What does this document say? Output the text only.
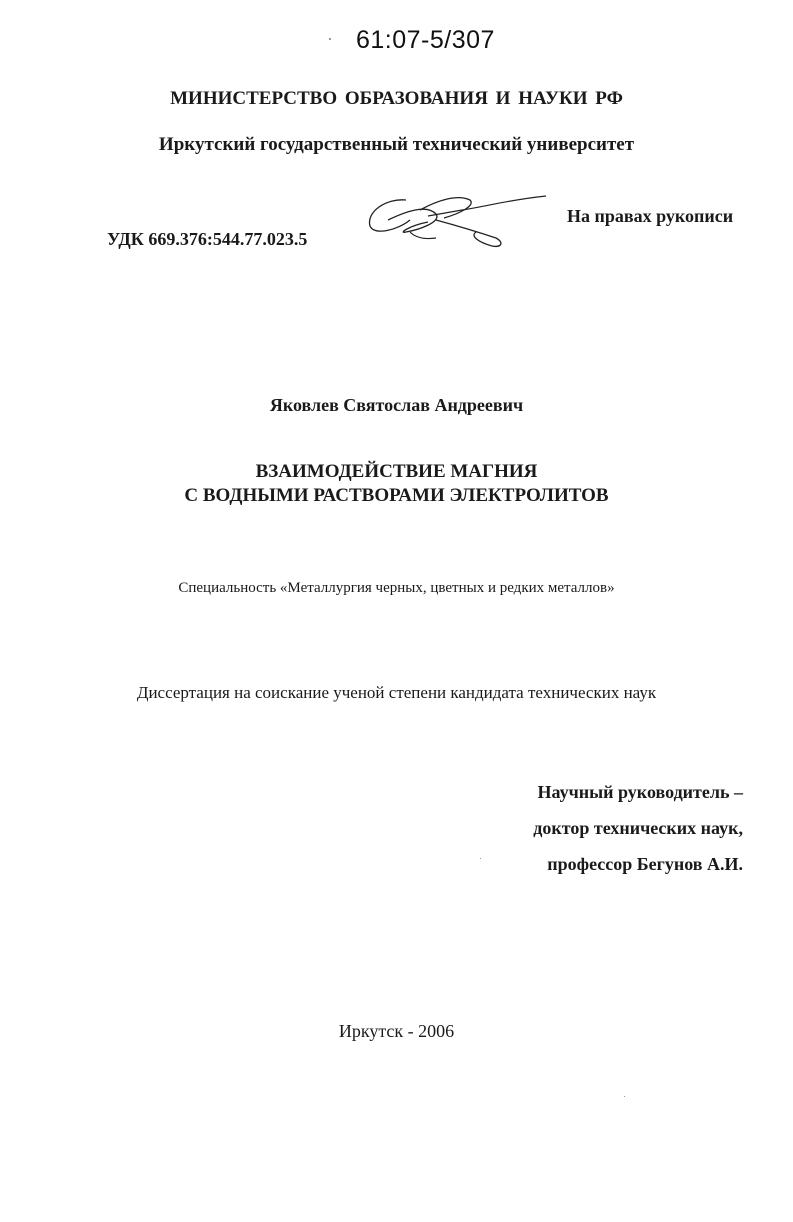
61:07-5/307
МИНИСТЕРСТВО ОБРАЗОВАНИЯ И НАУКИ РФ
Иркутский государственный технический университет
УДК 669.376:544.77.023.5
На правах рукописи
Яковлев Святослав Андреевич
ВЗАИМОДЕЙСТВИЕ МАГНИЯ
С ВОДНЫМИ РАСТВОРАМИ ЭЛЕКТРОЛИТОВ
Специальность «Металлургия черных, цветных и редких металлов»
Диссертация на соискание ученой степени кандидата технических наук
Научный руководитель –
доктор технических наук,
профессор Бегунов А.И.
Иркутск - 2006
